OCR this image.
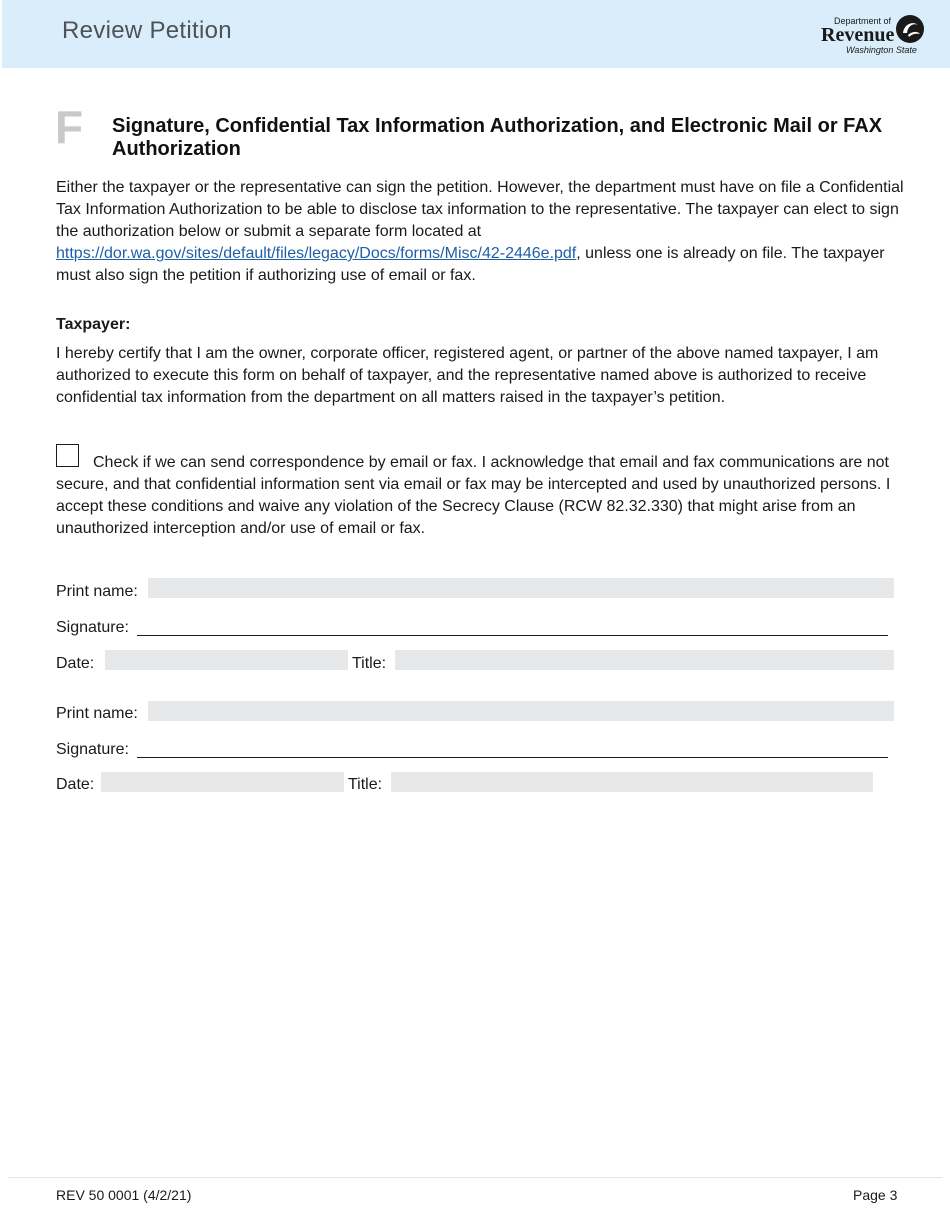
Review Petition	Department of
Revenue
Washington State
F Signature, Confidential Tax Information Authorization, and Electronic Mail or FAX Authorization
Either the taxpayer or the representative can sign the petition. However, the department must have on file a Confidential Tax Information Authorization to be able to disclose tax information to the representative. The taxpayer can elect to sign the authorization below or submit a separate form located at https://dor.wa.gov/sites/default/files/legacy/Docs/forms/Misc/42-2446e.pdf, unless one is already on file. The taxpayer must also sign the petition if authorizing use of email or fax.
Taxpayer:
I hereby certify that I am the owner, corporate officer, registered agent, or partner of the above named taxpayer, I am authorized to execute this form on behalf of taxpayer, and the representative named above is authorized to receive confidential tax information from the department on all matters raised in the taxpayer’s petition.
Check if we can send correspondence by email or fax. I acknowledge that email and fax communications are not secure, and that confidential information sent via email or fax may be intercepted and used by unauthorized persons. I accept these conditions and waive any violation of the Secrecy Clause (RCW 82.32.330) that might arise from an unauthorized interception and/or use of email or fax.
Print name:
Signature:
Date:	Title:
Print name:
Signature:
Date:	Title:
REV 50 0001 (4/2/21)	Page 3
